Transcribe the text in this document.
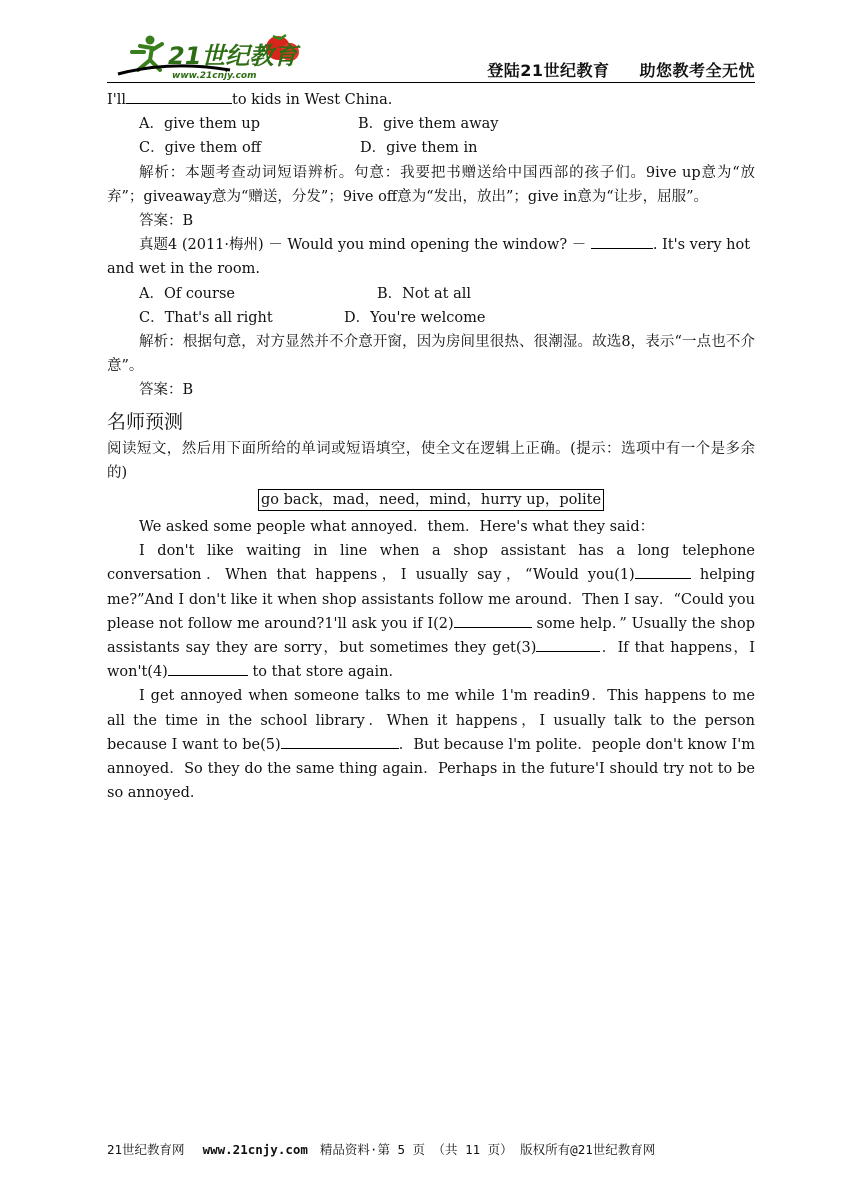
21世纪教育
www.21cnjy.com	登陆21世纪教育 助您教考全无忧
I'll	to kids in West China.
A．give them up	B．give them away
C．give them off	D．give them in
解析：本题考查动词短语辨析。句意：我要把书赠送给中国西部的孩子们。9ive up意为“放弃”；giveaway意为“赠送，分发”；9ive off意为“发出，放出”；give in意为“让步，屈服”。
答案：B
真题4 (2011·梅州) － Would you mind opening the window? －	. It's very hot
and wet in the room.
A．Of course	B．Not at all
C．That's all right	D．You're welcome
解析：根据句意，对方显然并不介意开窗，因为房间里很热、很潮湿。故选8，表示“一点也不介意”。
答案：B
名师预测
阅读短文，然后用下面所给的单词或短语填空，使全文在逻辑上正确。(提示：选项中有一个是多余的)
go back，mad，need，mind，hurry up，polite
We asked some people what annoyed．them．Here's what they said：
I don't like waiting in line when a shop assistant has a long telephone conversation．When that happens，I usually say，“Would you(1)	helping me?”And I don't like it when shop assistants follow me around．Then I say．“Could you please not follow me around?1'll ask you if I(2)	some help．” Usually the shop assistants say they are sorry，but sometimes they get(3)	．If that happens，I won't(4)	to that store again．
I get annoyed when someone talks to me while 1'm readin9．This happens to me all the time in the school library．When it happens，I usually talk to the person because I want to be(5)	．But because l'm polite．people don't know I'm annoyed．So they do the same thing again．Perhaps in the future'I should try not to be so annoyed．
21世纪教育网 www.21cnjy.com 精品资料·第 5 页 （共 11 页） 版权所有@21世纪教育网
